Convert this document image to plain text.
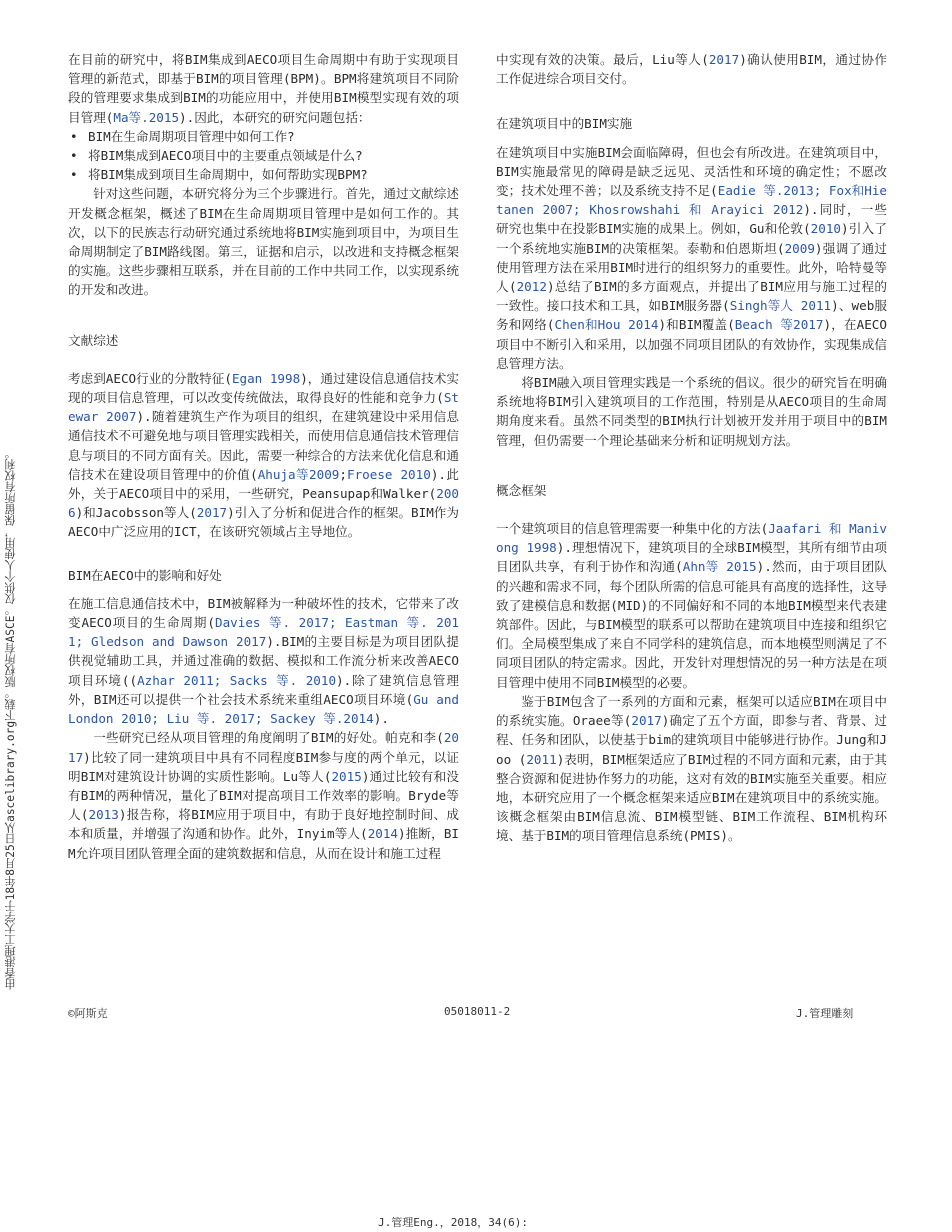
由香港理工大学于18年8月25日从ascelibrary.org下载。版权所有ASCE。仅供个人使用，保留所有权利。

在目前的研究中，将BIM集成到AECO项目生命周期中有助于实现项目管理的新范式，即基于BIM的项目管理(BPM)。BPM将建筑项目不同阶段的管理要求集成到BIM的功能应用中，并使用BIM模型实现有效的项目管理(Ma等.2015).因此，本研究的研究问题包括：

• BIM在生命周期项目管理中如何工作?
• 将BIM集成到AECO项目中的主要重点领域是什么?
• 将BIM集成到项目生命周期中，如何帮助实现BPM?

针对这些问题，本研究将分为三个步骤进行。首先，通过文献综述开发概念框架，概述了BIM在生命周期项目管理中是如何工作的。其次，以下的民族志行动研究通过系统地将BIM实施到项目中，为项目生命周期制定了BIM路线图。第三，证据和启示，以改进和支持概念框架的实施。这些步骤相互联系，并在目前的工作中共同工作，以实现系统的开发和改进。

文献综述

考虑到AECO行业的分散特征(Egan 1998)，通过建设信息通信技术实现的项目信息管理，可以改变传统做法，取得良好的性能和竞争力(Stewar 2007).随着建筑生产作为项目的组织，在建筑建设中采用信息通信技术不可避免地与项目管理实践相关，而使用信息通信技术管理信息与项目的不同方面有关。因此，需要一种综合的方法来优化信息和通信技术在建设项目管理中的价值(Ahuja等2009;Froese 2010).此外，关于AECO项目中的采用，一些研究，Peansupap和Walker(2006)和Jacobsson等人(2017)引入了分析和促进合作的框架。BIM作为AECO中广泛应用的ICT，在该研究领域占主导地位。

BIM在AECO中的影响和好处

在施工信息通信技术中，BIM被解释为一种破坏性的技术，它带来了改变AECO项目的生命周期(Davies 等. 2017; Eastman 等. 2011; Gledson and Dawson 2017).BIM的主要目标是为项目团队提供视觉辅助工具，并通过准确的数据、模拟和工作流分析来改善AECO项目环境((Azhar 2011; Sacks 等. 2010).除了建筑信息管理外，BIM还可以提供一个社会技术系统来重组AECO项目环境(Gu and London 2010; Liu 等. 2017; Sackey 等.2014).

一些研究已经从项目管理的角度阐明了BIM的好处。帕克和李(2017)比较了同一建筑项目中具有不同程度BIM参与度的两个单元，以证明BIM对建筑设计协调的实质性影响。Lu等人(2015)通过比较有和没有BIM的两种情况，量化了BIM对提高项目工作效率的影响。Bryde等人(2013)报告称，将BIM应用于项目中，有助于良好地控制时间、成本和质量，并增强了沟通和协作。此外，Inyim等人(2014)推断，BIM允许项目团队管理全面的建筑数据和信息，从而在设计和施工过程

中实现有效的决策。最后，Liu等人(2017)确认使用BIM，通过协作工作促进综合项目交付。

在建筑项目中的BIM实施

在建筑项目中实施BIM会面临障碍，但也会有所改进。在建筑项目中，BIM实施最常见的障碍是缺乏远见、灵活性和环境的确定性；不愿改变；技术处理不善；以及系统支持不足(Eadie 等.2013; Fox和Hietanen 2007; Khosrowshahi 和 Arayici 2012).同时，一些研究也集中在投影BIM实施的成果上。例如，Gu和伦敦(2010)引入了一个系统地实施BIM的决策框架。泰勒和伯恩斯坦(2009)强调了通过使用管理方法在采用BIM时进行的组织努力的重要性。此外，哈特曼等人(2012)总结了BIM的多方面观点，并提出了BIM应用与施工过程的一致性。接口技术和工具，如BIM服务器(Singh等人 2011)、web服务和网络(Chen和Hou 2014)和BIM覆盖(Beach 等2017)，在AECO项目中不断引入和采用，以加强不同项目团队的有效协作，实现集成信息管理方法。

将BIM融入项目管理实践是一个系统的倡议。很少的研究旨在明确系统地将BIM引入建筑项目的工作范围，特别是从AECO项目的生命周期角度来看。虽然不同类型的BIM执行计划被开发并用于项目中的BIM管理，但仍需要一个理论基础来分析和证明规划方法。

概念框架

一个建筑项目的信息管理需要一种集中化的方法(Jaafari 和 Manivong 1998).理想情况下，建筑项目的全球BIM模型，其所有细节由项目团队共享，有利于协作和沟通(Ahn等 2015).然而，由于项目团队的兴趣和需求不同，每个团队所需的信息可能具有高度的选择性，这导致了建模信息和数据(MID)的不同偏好和不同的本地BIM模型来代表建筑部件。因此，与BIM模型的联系可以帮助在建筑项目中连接和组织它们。全局模型集成了来自不同学科的建筑信息，而本地模型则满足了不同项目团队的特定需求。因此，开发针对理想情况的另一种方法是在项目管理中使用不同BIM模型的必要。

鉴于BIM包含了一系列的方面和元素，框架可以适应BIM在项目中的系统实施。Oraee等(2017)确定了五个方面，即参与者、背景、过程、任务和团队，以使基于bim的建筑项目中能够进行协作。Jung和Joo (2011)表明，BIM框架适应了BIM过程的不同方面和元素，由于其整合资源和促进协作努力的功能，这对有效的BIM实施至关重要。相应地，本研究应用了一个概念框架来适应BIM在建筑项目中的系统实施。该概念框架由BIM信息流、BIM模型链、BIM工作流程、BIM机构环境、基于BIM的项目管理信息系统(PMIS)。

©阿斯克	05018011-2	J.管理雕刻
J.管理Eng.，2018，34(6):
